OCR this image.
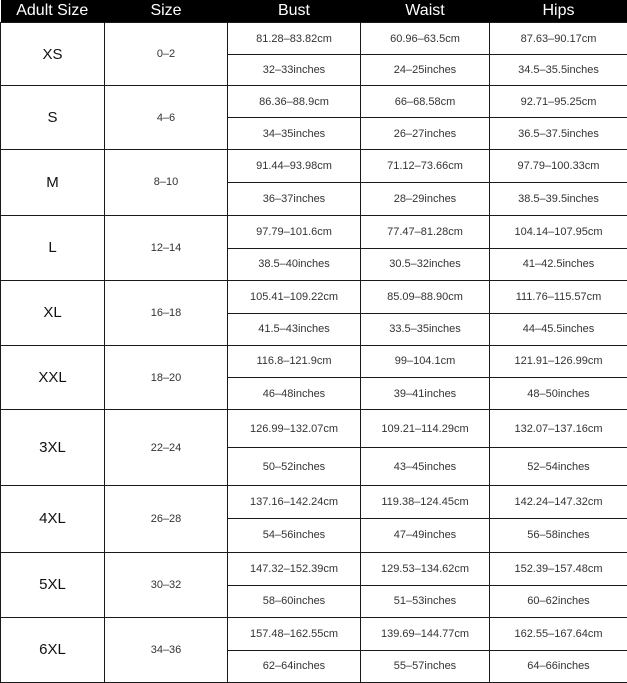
Adult Size	Size	Bust	Waist	Hips
XS	0–2	81.28–83.82cm	60.96–63.5cm	87.63–90.17cm
		32–33inches	24–25inches	34.5–35.5inches
S	4–6	86.36–88.9cm	66–68.58cm	92.71–95.25cm
		34–35inches	26–27inches	36.5–37.5inches
M	8–10	91.44–93.98cm	71.12–73.66cm	97.79–100.33cm
		36–37inches	28–29inches	38.5–39.5inches
L	12–14	97.79–101.6cm	77.47–81.28cm	104.14–107.95cm
		38.5–40inches	30.5–32inches	41–42.5inches
XL	16–18	105.41–109.22cm	85.09–88.90cm	111.76–115.57cm
		41.5–43inches	33.5–35inches	44–45.5inches
XXL	18–20	116.8–121.9cm	99–104.1cm	121.91–126.99cm
		46–48inches	39–41inches	48–50inches
3XL	22–24	126.99–132.07cm	109.21–114.29cm	132.07–137.16cm
		50–52inches	43–45inches	52–54inches
4XL	26–28	137.16–142.24cm	119.38–124.45cm	142.24–147.32cm
		54–56inches	47–49inches	56–58inches
5XL	30–32	147.32–152.39cm	129.53–134.62cm	152.39–157.48cm
		58–60inches	51–53inches	60–62inches
6XL	34–36	157.48–162.55cm	139.69–144.77cm	162.55–167.64cm
		62–64inches	55–57inches	64–66inches
